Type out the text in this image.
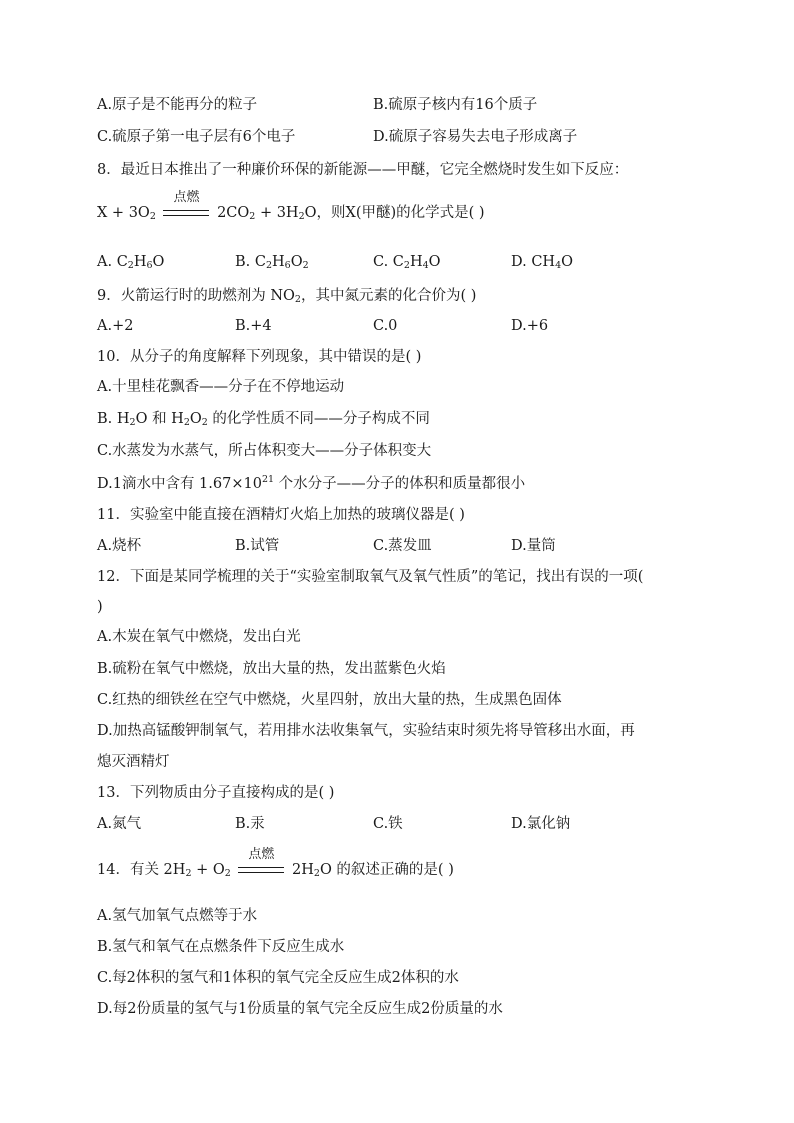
A.原子是不能再分的粒子	B.硫原子核内有16个质子
C.硫原子第一电子层有6个电子	D.硫原子容易失去电子形成离子
8．最近日本推出了一种廉价环保的新能源——甲醚，它完全燃烧时发生如下反应：
$X + 3O_2$
点燃
$2CO_2 + 3H_2O$，则X(甲醚)的化学式是( )
A. $C_2H_6O$	B. $C_2H_6O_2$	C. $C_2H_4O$	D. $CH_4O$
9．火箭运行时的助燃剂为 $NO_2$，其中氮元素的化合价为( )
A.+2	B.+4	C.0	D.+6
10．从分子的角度解释下列现象，其中错误的是( )
A.十里桂花飘香——分子在不停地运动
B. $H_2O$ 和 $H_2O_2$ 的化学性质不同——分子构成不同
C.水蒸发为水蒸气，所占体积变大——分子体积变大
D.1滴水中含有 $1.67\times 10^{21}$ 个水分子——分子的体积和质量都很小
11．实验室中能直接在酒精灯火焰上加热的玻璃仪器是( )
A.烧杯	B.试管	C.蒸发皿	D.量筒
12．下面是某同学梳理的关于“实验室制取氧气及氧气性质”的笔记，找出有误的一项(
)
A.木炭在氧气中燃烧，发出白光
B.硫粉在氧气中燃烧，放出大量的热，发出蓝紫色火焰
C.红热的细铁丝在空气中燃烧，火星四射，放出大量的热，生成黑色固体
D.加热高锰酸钾制氧气，若用排水法收集氧气，实验结束时须先将导管移出水面，再
熄灭酒精灯
13．下列物质由分子直接构成的是( )
A.氮气	B.汞	C.铁	D.氯化钠
14．有关 $2H_2 + O_2$
点燃
$2H_2O$ 的叙述正确的是( )
A.氢气加氧气点燃等于水
B.氢气和氧气在点燃条件下反应生成水
C.每2体积的氢气和1体积的氧气完全反应生成2体积的水
D.每2份质量的氢气与1份质量的氧气完全反应生成2份质量的水
